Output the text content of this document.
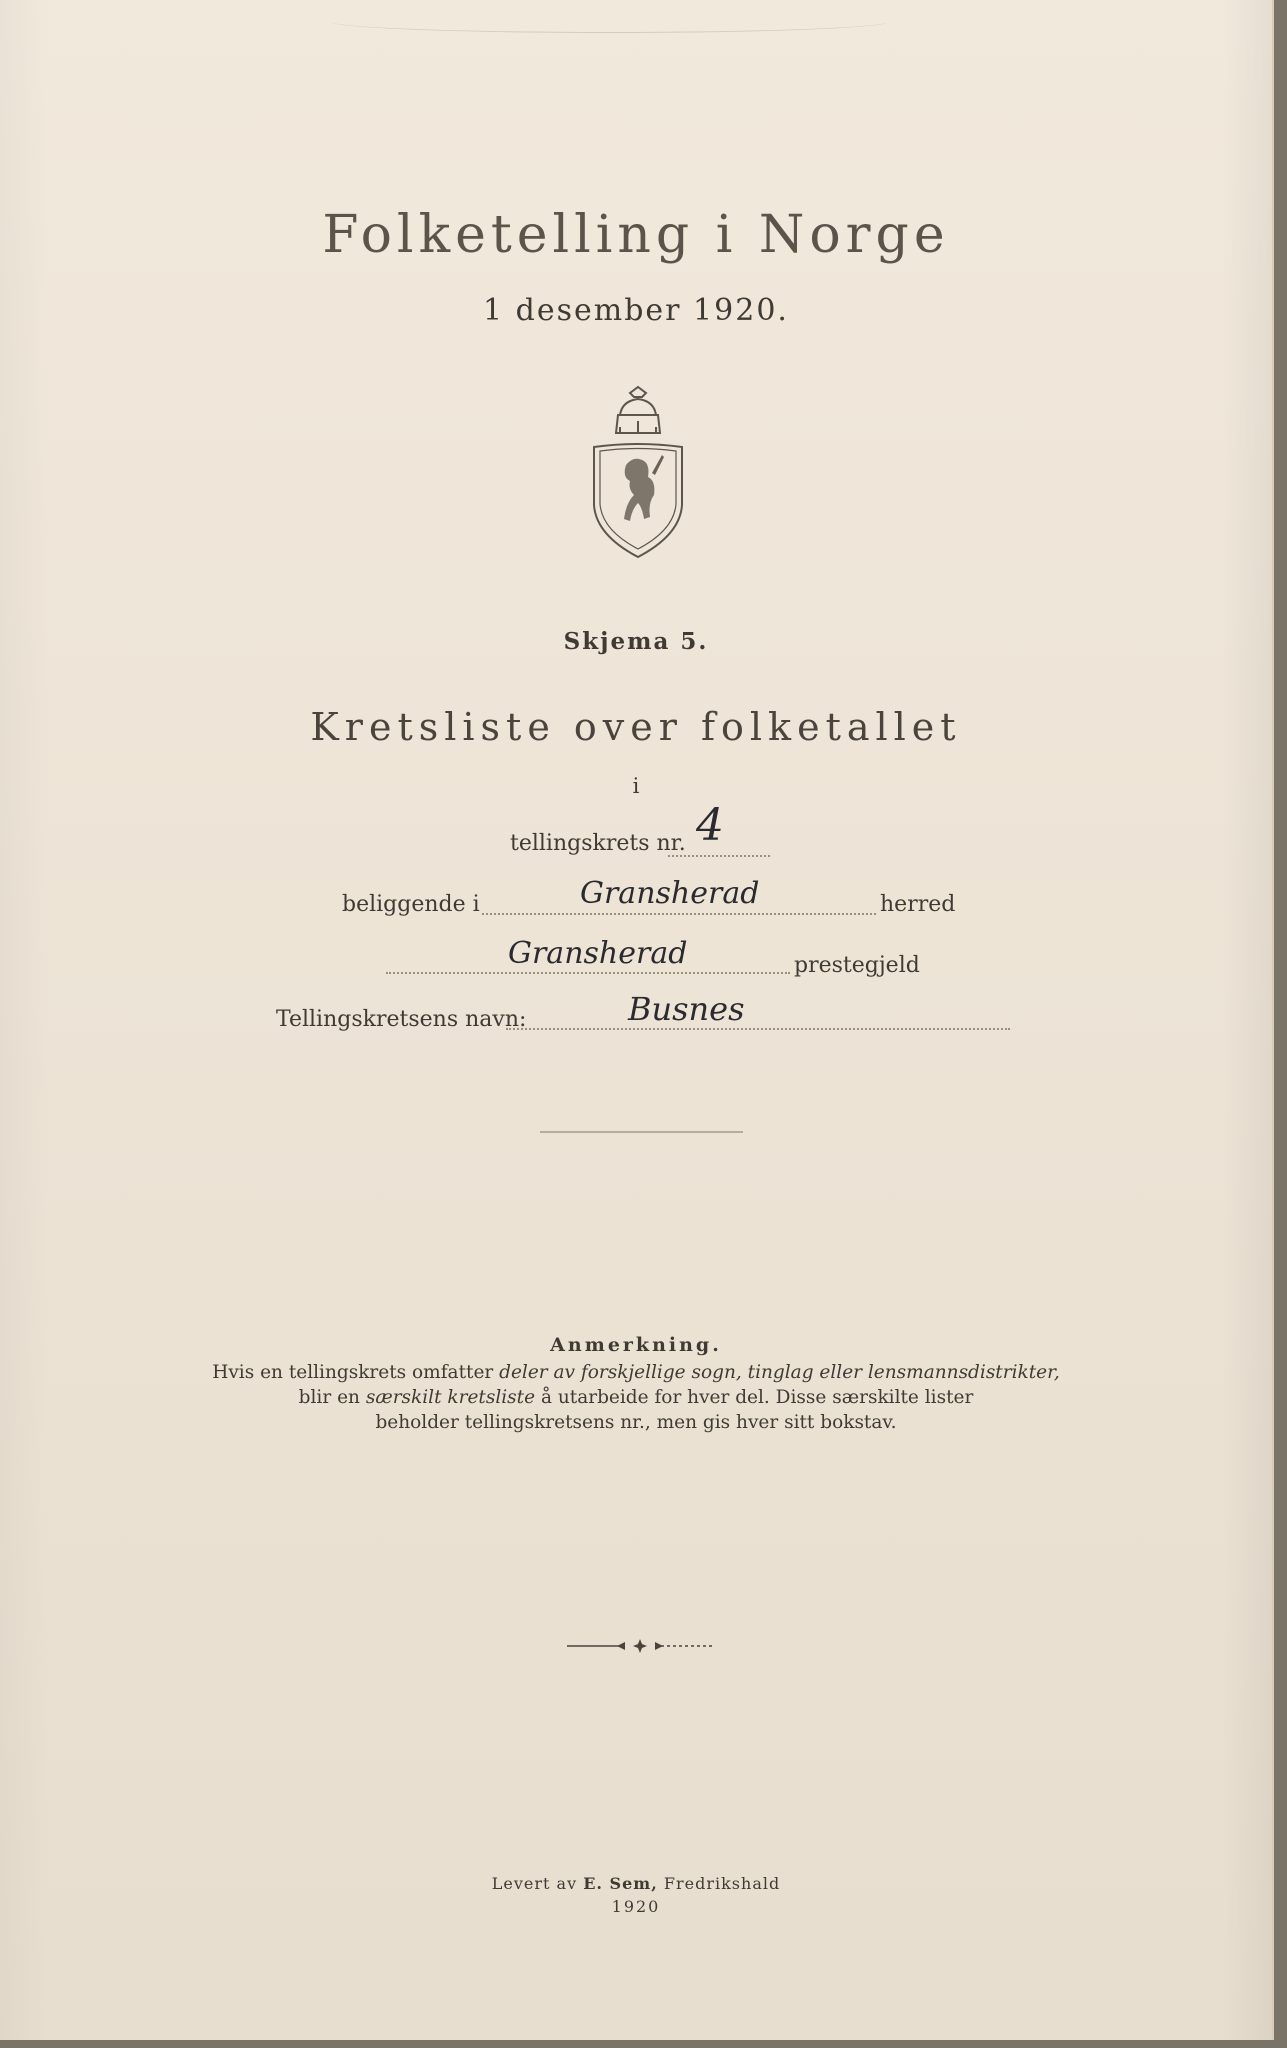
Folketelling i Norge
1 desember 1920.
Skjema 5.
Kretsliste over folketallet
i
tellingskrets nr. 4
beliggende i	Gransherad	herred
Gransherad	prestegjeld
Tellingskretsens navn:	Busnes
Anmerkning.
Hvis en tellingskrets omfatter deler av forskjellige sogn, tinglag eller lensmannsdistrikter,
blir en særskilt kretsliste å utarbeide for hver del. Disse særskilte lister
beholder tellingskretsens nr., men gis hver sitt bokstav.
Levert av E. Sem, Fredrikshald
1920
